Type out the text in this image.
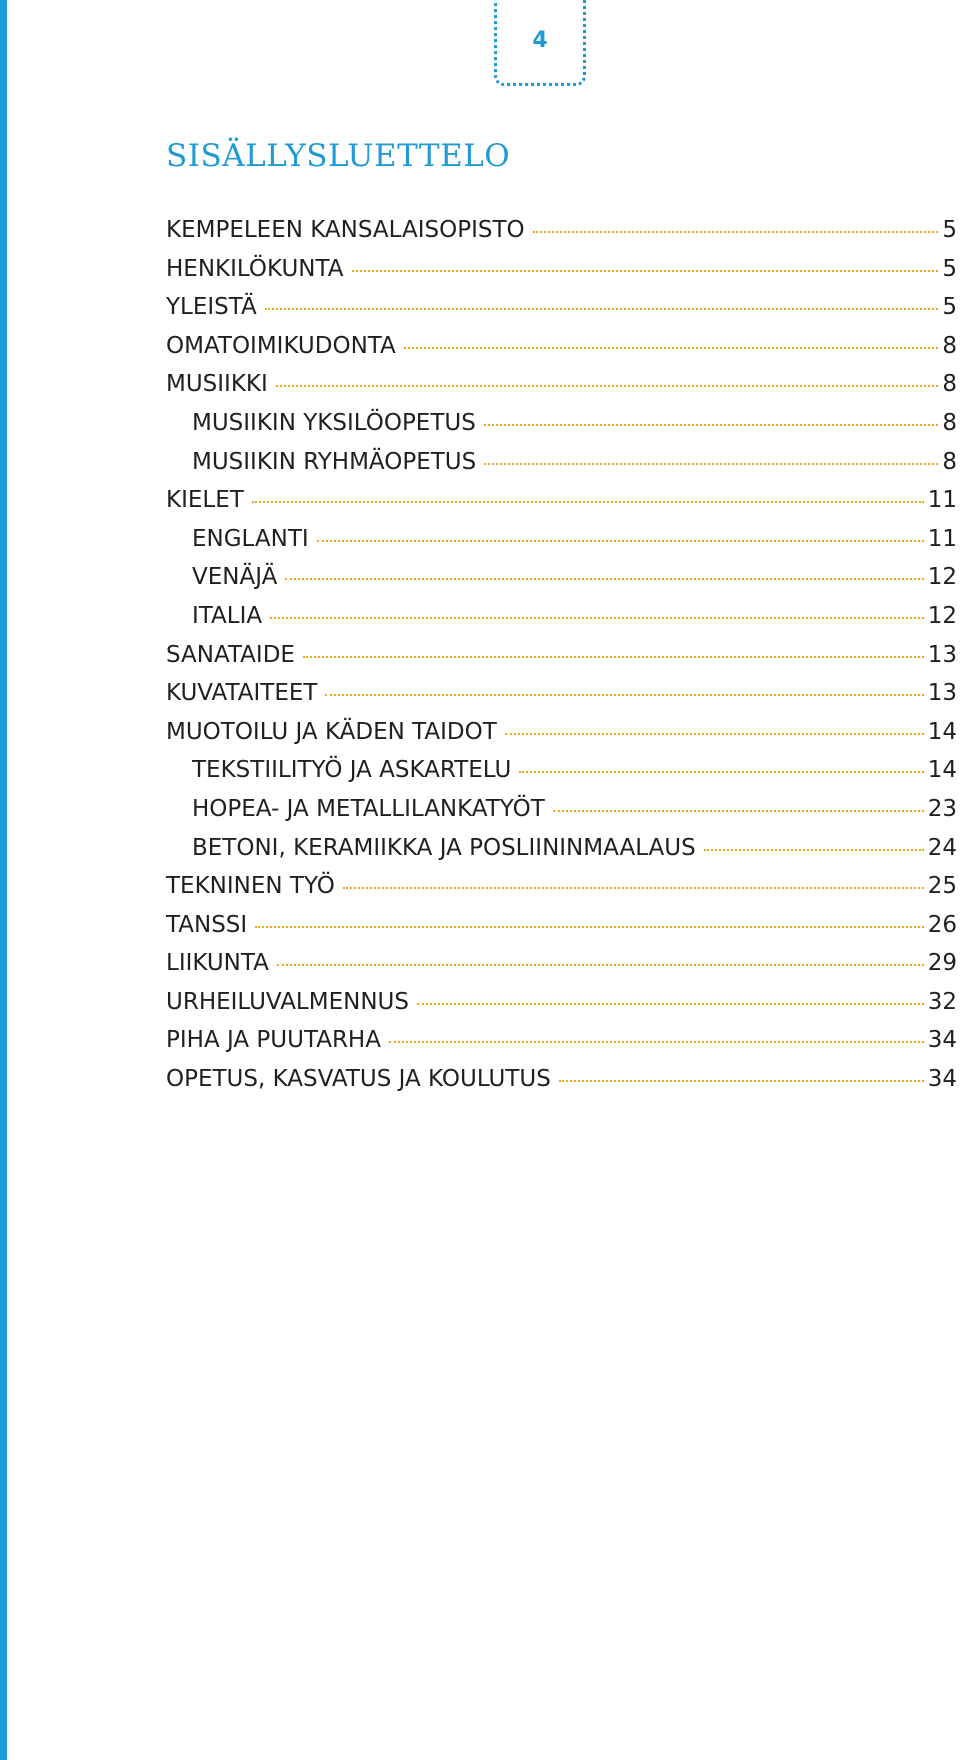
4
SISÄLLYSLUETTELO
KEMPELEEN KANSALAISOPISTO	5
HENKILÖKUNTA	5
YLEISTÄ	5
OMATOIMIKUDONTA	8
MUSIIKKI	8
MUSIIKIN YKSILÖOPETUS	8
MUSIIKIN RYHMÄOPETUS	8
KIELET	11
ENGLANTI	11
VENÄJÄ	12
ITALIA	12
SANATAIDE	13
KUVATAITEET	13
MUOTOILU JA KÄDEN TAIDOT	14
TEKSTIILITYÖ JA ASKARTELU	14
HOPEA- JA METALLILANKATYÖT	23
BETONI, KERAMIIKKA JA POSLIININMAALAUS	24
TEKNINEN TYÖ	25
TANSSI	26
LIIKUNTA	29
URHEILUVALMENNUS	32
PIHA JA PUUTARHA	34
OPETUS, KASVATUS JA KOULUTUS	34
